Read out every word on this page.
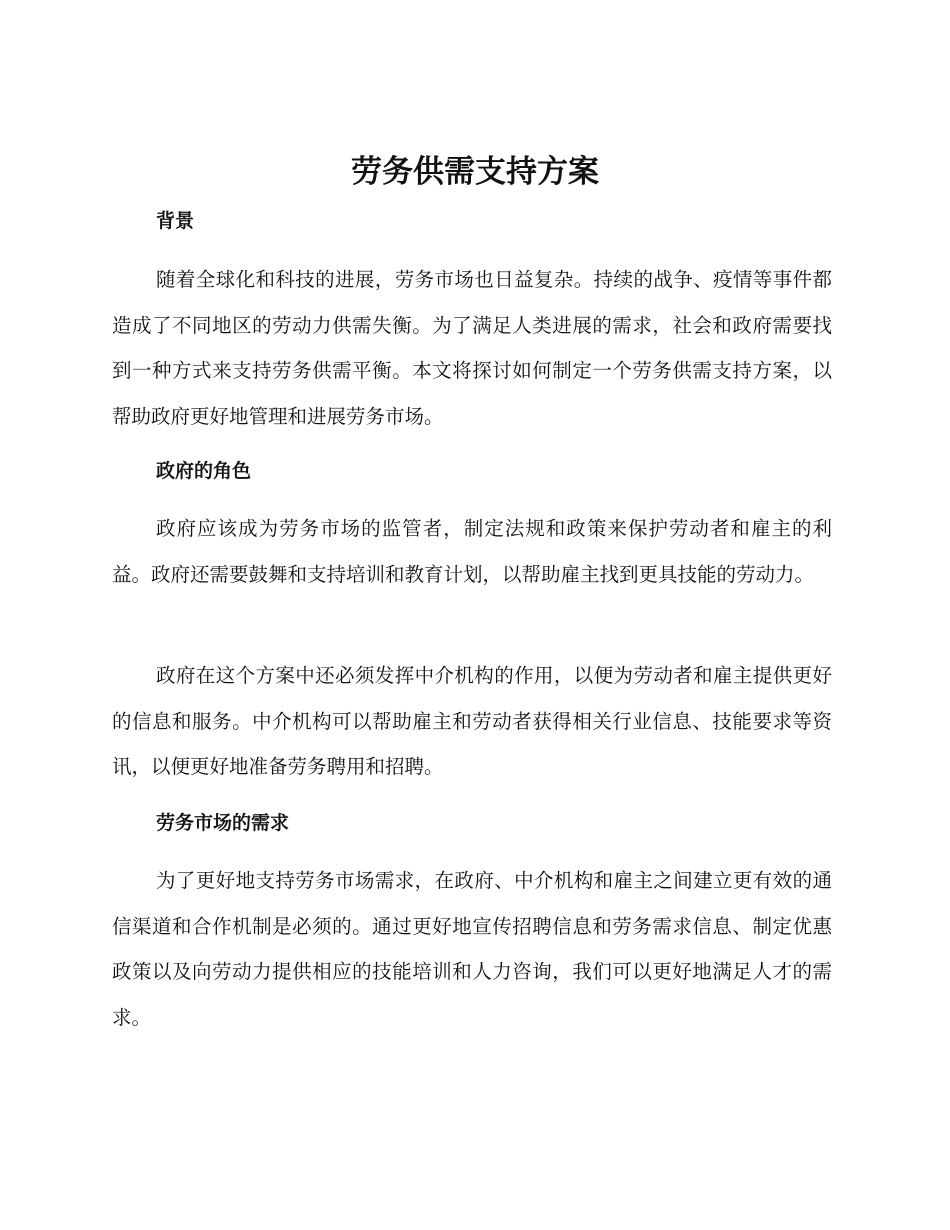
劳务供需支持方案
背景

随着全球化和科技的进展，劳务市场也日益复杂。持续的战争、疫情等事件都造成了不同地区的劳动力供需失衡。为了满足人类进展的需求，社会和政府需要找到一种方式来支持劳务供需平衡。本文将探讨如何制定一个劳务供需支持方案，以帮助政府更好地管理和进展劳务市场。

政府的角色

政府应该成为劳务市场的监管者，制定法规和政策来保护劳动者和雇主的利益。政府还需要鼓舞和支持培训和教育计划，以帮助雇主找到更具技能的劳动力。

政府在这个方案中还必须发挥中介机构的作用，以便为劳动者和雇主提供更好的信息和服务。中介机构可以帮助雇主和劳动者获得相关行业信息、技能要求等资讯，以便更好地准备劳务聘用和招聘。

劳务市场的需求

为了更好地支持劳务市场需求，在政府、中介机构和雇主之间建立更有效的通信渠道和合作机制是必须的。通过更好地宣传招聘信息和劳务需求信息、制定优惠政策以及向劳动力提供相应的技能培训和人力咨询，我们可以更好地满足人才的需求。
